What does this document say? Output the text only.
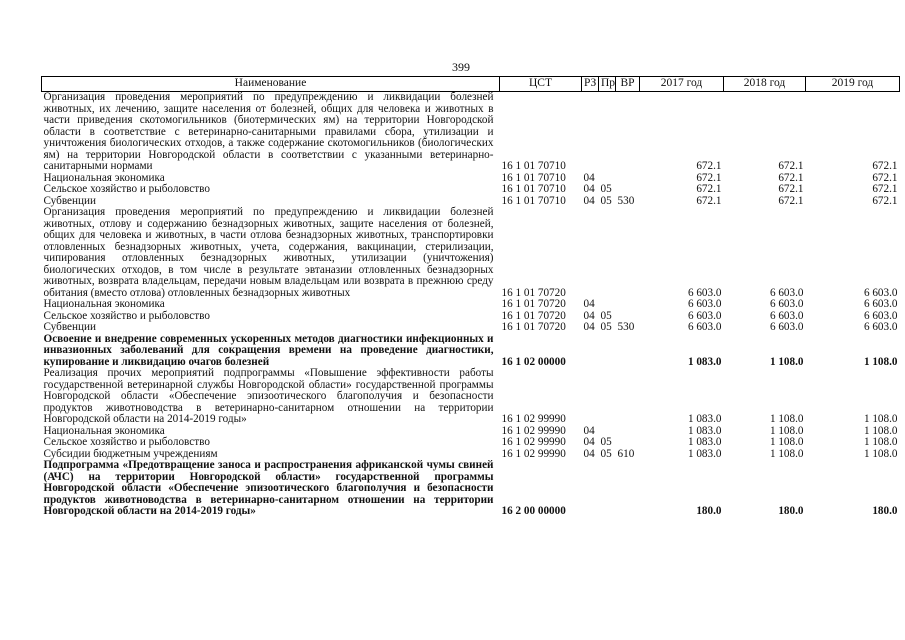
399
Наименование	ЦСТ	РЗ	Пр	ВР	2017 год	2018 год	2019 год
Организация проведения мероприятий по предупреждению и ликвидации болезней животных, их лечению, защите населения от болезней, общих для человека и животных в части приведения скотомогильников (биотермических ям) на территории Новгородской области в соответствие с ветеринарно-санитарными правилами сбора, утилизации и уничтожения биологических отходов, а также содержание скотомогильников (биологических ям) на территории Новгородской области в соответствии с указанными ветеринарно-санитарными нормами	16 1 01 70710				672.1	672.1	672.1
Национальная экономика	16 1 01 70710	04			672.1	672.1	672.1
Сельское хозяйство и рыболовство	16 1 01 70710	04	05		672.1	672.1	672.1
Субвенции	16 1 01 70710	04	05	530	672.1	672.1	672.1
Организация проведения мероприятий по предупреждению и ликвидации болезней животных, отлову и содержанию безнадзорных животных, защите населения от болезней, общих для человека и животных, в части отлова безнадзорных животных, транспортировки отловленных безнадзорных животных, учета, содержания, вакцинации, стерилизации, чипирования отловленных безнадзорных животных, утилизации (уничтожения) биологических отходов, в том числе в результате эвтаназии отловленных безнадзорных животных, возврата владельцам, передачи новым владельцам или возврата в прежнюю среду обитания (вместо отлова) отловленных безнадзорных животных	16 1 01 70720				6 603.0	6 603.0	6 603.0
Национальная экономика	16 1 01 70720	04			6 603.0	6 603.0	6 603.0
Сельское хозяйство и рыболовство	16 1 01 70720	04	05		6 603.0	6 603.0	6 603.0
Субвенции	16 1 01 70720	04	05	530	6 603.0	6 603.0	6 603.0
Освоение и внедрение современных ускоренных методов диагностики инфекционных и инвазионных заболеваний для сокращения времени на проведение диагностики, купирование и ликвидацию очагов болезней	16 1 02 00000				1 083.0	1 108.0	1 108.0
Реализация прочих мероприятий подпрограммы «Повышение эффективности работы государственной ветеринарной службы Новгородской области» государственной программы Новгородской области «Обеспечение эпизоотического благополучия и безопасности продуктов животноводства в ветеринарно-санитарном отношении на территории Новгородской области на 2014-2019 годы»	16 1 02 99990				1 083.0	1 108.0	1 108.0
Национальная экономика	16 1 02 99990	04			1 083.0	1 108.0	1 108.0
Сельское хозяйство и рыболовство	16 1 02 99990	04	05		1 083.0	1 108.0	1 108.0
Субсидии бюджетным учреждениям	16 1 02 99990	04	05	610	1 083.0	1 108.0	1 108.0
Подпрограмма «Предотвращение заноса и распространения африканской чумы свиней (АЧС) на территории Новгородской области» государственной программы Новгородской области «Обеспечение эпизоотического благополучия и безопасности продуктов животноводства в ветеринарно-санитарном отношении на территории Новгородской области на 2014-2019 годы»	16 2 00 00000				180.0	180.0	180.0
